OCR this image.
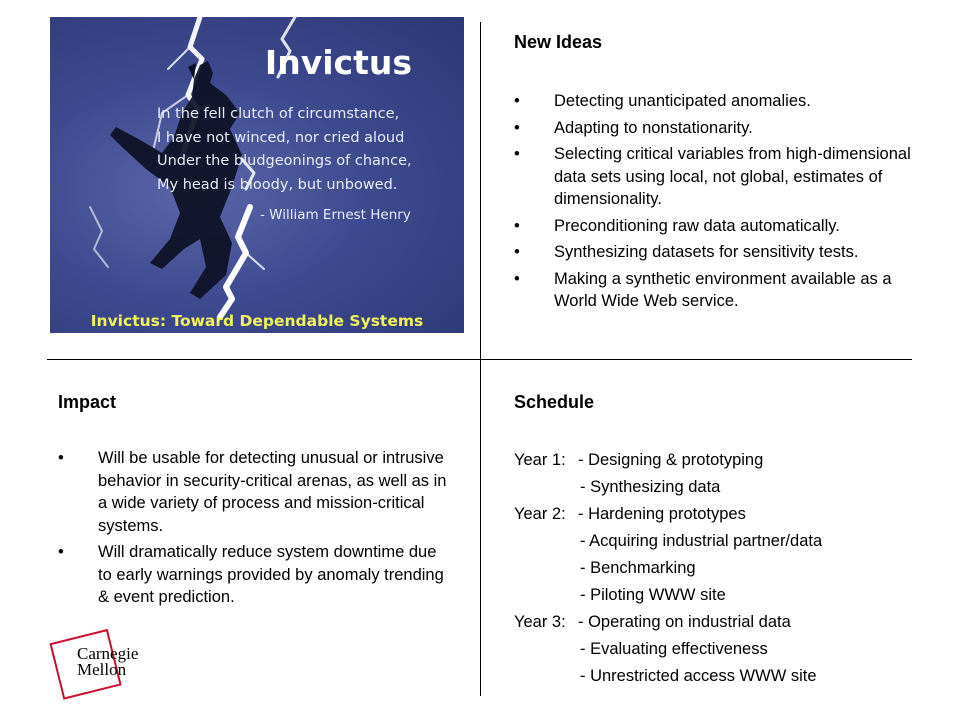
Invictus
In the fell clutch of circumstance,
I have not winced, nor cried aloud
Under the bludgeonings of chance,
My head is bloody, but unbowed.
- William Ernest Henry
Invictus: Toward Dependable Systems
New Ideas
• Detecting unanticipated anomalies.
• Adapting to nonstationarity.
• Selecting critical variables from high-dimensional data sets using local, not global, estimates of dimensionality.
• Preconditioning raw data automatically.
• Synthesizing datasets for sensitivity tests.
• Making a synthetic environment available as a World Wide Web service.
Impact
• Will be usable for detecting unusual or intrusive behavior in security-critical arenas, as well as in a wide variety of process and mission-critical systems.
• Will dramatically reduce system downtime due to early warnings provided by anomaly trending & event prediction.
Schedule
Year 1: - Designing & prototyping
- Synthesizing data
Year 2: - Hardening prototypes
- Acquiring industrial partner/data
- Benchmarking
- Piloting WWW site
Year 3: - Operating on industrial data
- Evaluating effectiveness
- Unrestricted access WWW site
Carnegie
Mellon
